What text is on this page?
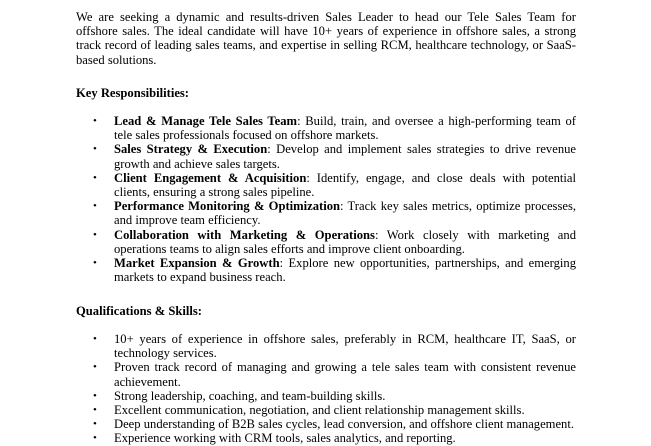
We are seeking a dynamic and results-driven Sales Leader to head our Tele Sales Team for offshore sales. The ideal candidate will have 10+ years of experience in offshore sales, a strong track record of leading sales teams, and expertise in selling RCM, healthcare technology, or SaaS-based solutions.

Key Responsibilities:

• Lead & Manage Tele Sales Team: Build, train, and oversee a high-performing team of tele sales professionals focused on offshore markets.
• Sales Strategy & Execution: Develop and implement sales strategies to drive revenue growth and achieve sales targets.
• Client Engagement & Acquisition: Identify, engage, and close deals with potential clients, ensuring a strong sales pipeline.
• Performance Monitoring & Optimization: Track key sales metrics, optimize processes, and improve team efficiency.
• Collaboration with Marketing & Operations: Work closely with marketing and operations teams to align sales efforts and improve client onboarding.
• Market Expansion & Growth: Explore new opportunities, partnerships, and emerging markets to expand business reach.

Qualifications & Skills:

• 10+ years of experience in offshore sales, preferably in RCM, healthcare IT, SaaS, or technology services.
• Proven track record of managing and growing a tele sales team with consistent revenue achievement.
• Strong leadership, coaching, and team-building skills.
• Excellent communication, negotiation, and client relationship management skills.
• Deep understanding of B2B sales cycles, lead conversion, and offshore client management.
• Experience working with CRM tools, sales analytics, and reporting.
